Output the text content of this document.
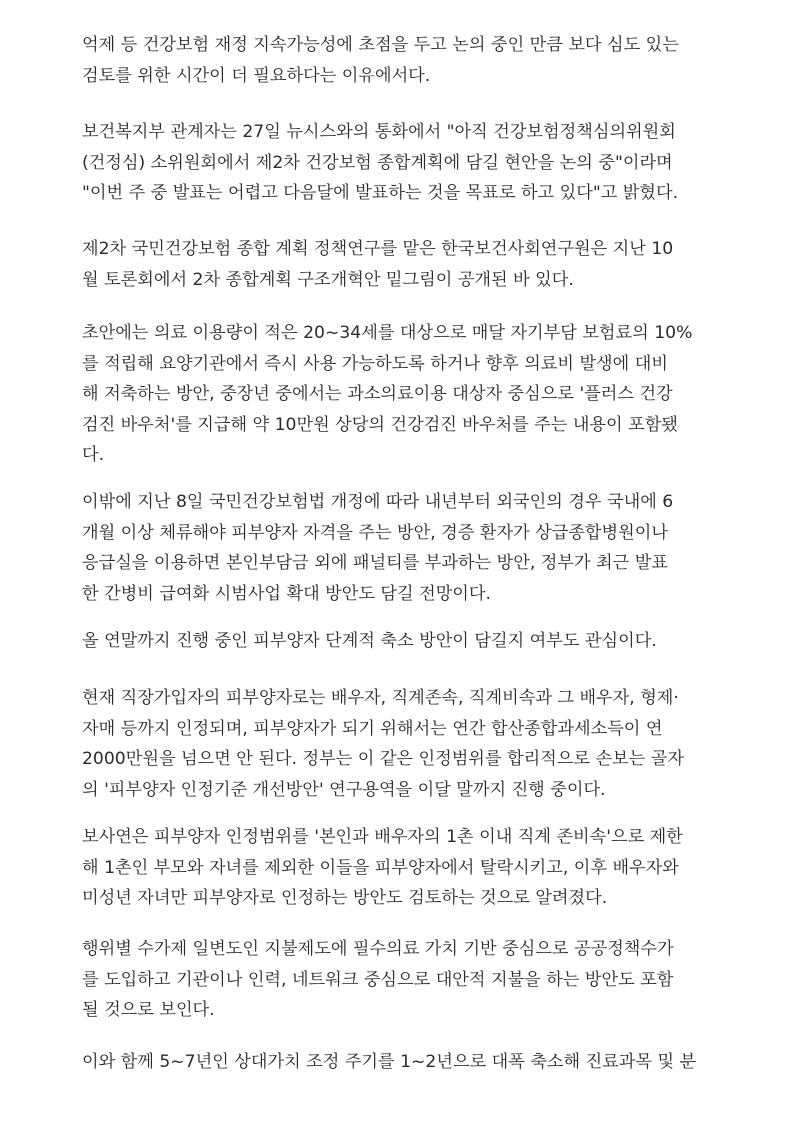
억제 등 건강보험 재정 지속가능성에 초점을 두고 논의 중인 만큼 보다 심도 있는
검토를 위한 시간이 더 필요하다는 이유에서다.

보건복지부 관계자는 27일 뉴시스와의 통화에서 "아직 건강보험정책심의위원회
(건정심) 소위원회에서 제2차 건강보험 종합계획에 담길 현안을 논의 중"이라며
"이번 주 중 발표는 어렵고 다음달에 발표하는 것을 목표로 하고 있다"고 밝혔다.

제2차 국민건강보험 종합 계획 정책연구를 맡은 한국보건사회연구원은 지난 10
월 토론회에서 2차 종합계획 구조개혁안 밑그림이 공개된 바 있다.

초안에는 의료 이용량이 적은 20~34세를 대상으로 매달 자기부담 보험료의 10%
를 적립해 요양기관에서 즉시 사용 가능하도록 하거나 향후 의료비 발생에 대비
해 저축하는 방안, 중장년 중에서는 과소의료이용 대상자 중심으로 '플러스 건강
검진 바우처'를 지급해 약 10만원 상당의 건강검진 바우처를 주는 내용이 포함됐
다.

이밖에 지난 8일 국민건강보험법 개정에 따라 내년부터 외국인의 경우 국내에 6
개월 이상 체류해야 피부양자 자격을 주는 방안, 경증 환자가 상급종합병원이나
응급실을 이용하면 본인부담금 외에 패널티를 부과하는 방안, 정부가 최근 발표
한 간병비 급여화 시범사업 확대 방안도 담길 전망이다.

올 연말까지 진행 중인 피부양자 단계적 축소 방안이 담길지 여부도 관심이다.

현재 직장가입자의 피부양자로는 배우자, 직계존속, 직계비속과 그 배우자, 형제·
자매 등까지 인정되며, 피부양자가 되기 위해서는 연간 합산종합과세소득이 연
2000만원을 넘으면 안 된다. 정부는 이 같은 인정범위를 합리적으로 손보는 골자
의 '피부양자 인정기준 개선방안' 연구용역을 이달 말까지 진행 중이다.

보사연은 피부양자 인정범위를 '본인과 배우자의 1촌 이내 직계 존비속'으로 제한
해 1촌인 부모와 자녀를 제외한 이들을 피부양자에서 탈락시키고, 이후 배우자와
미성년 자녀만 피부양자로 인정하는 방안도 검토하는 것으로 알려졌다.

행위별 수가제 일변도인 지불제도에 필수의료 가치 기반 중심으로 공공정책수가
를 도입하고 기관이나 인력, 네트워크 중심으로 대안적 지불을 하는 방안도 포함
될 것으로 보인다.

이와 함께 5~7년인 상대가치 조정 주기를 1~2년으로 대폭 축소해 진료과목 및 분
